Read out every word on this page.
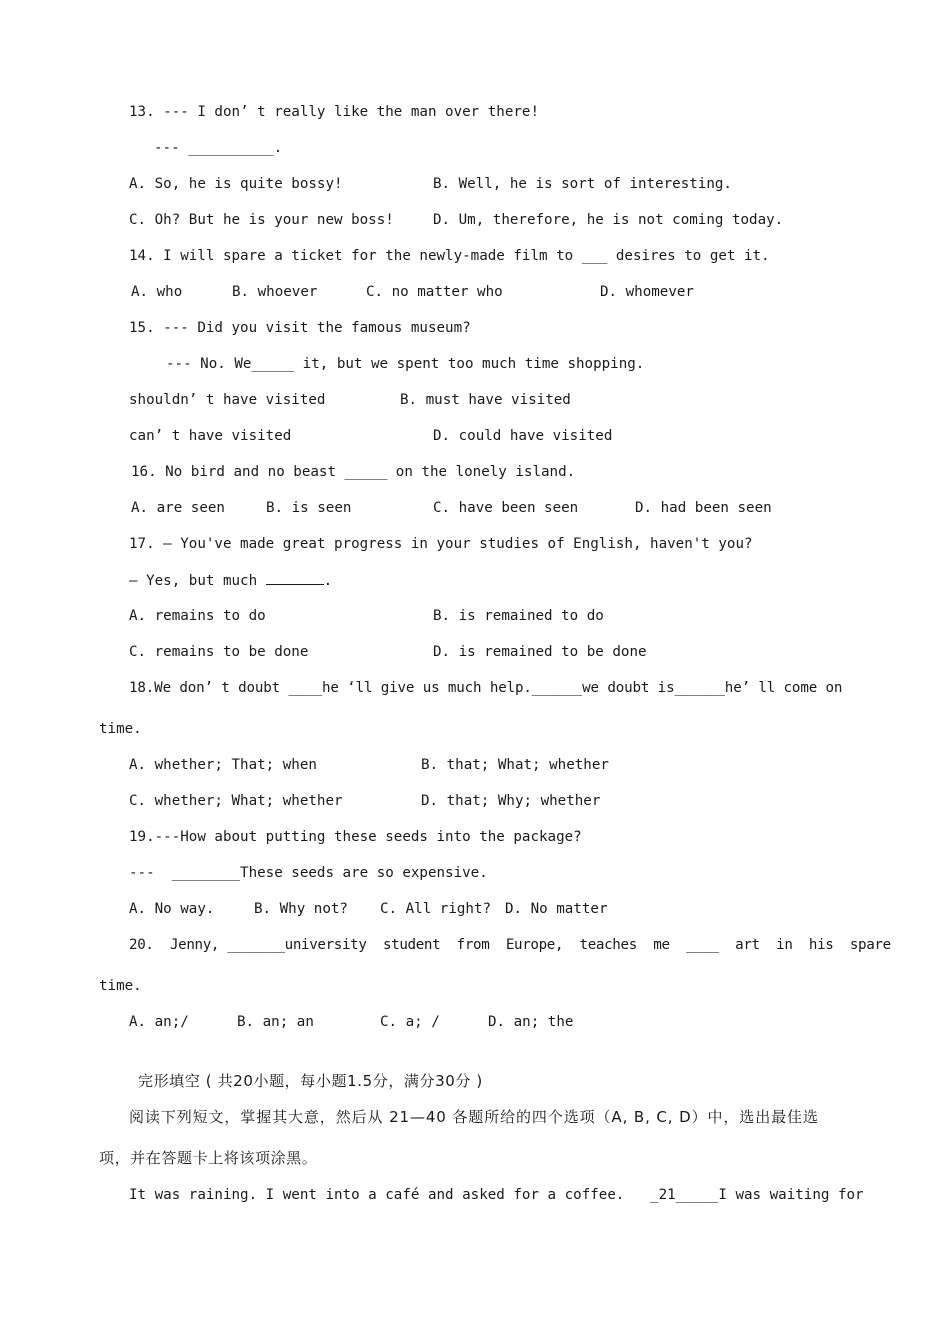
13. --- I don’ t really like the man over there!
--- __________.
A. So, he is quite bossy!	B. Well, he is sort of interesting.
C. Oh? But he is your new boss!	D. Um, therefore, he is not coming today.
14. I will spare a ticket for the newly-made film to ___ desires to get it.
A. who	B. whoever	C. no matter who	D. whomever
15. --- Did you visit the famous museum?
--- No. We_____ it, but we spent too much time shopping.
shouldn’ t have visited	B. must have visited
can’ t have visited	D. could have visited
16. No bird and no beast _____ on the lonely island.
A. are seen	B. is seen	C. have been seen	D. had been seen
17. — You've made great progress in your studies of English, haven't you?
— Yes, but much	.
A. remains to do	B. is remained to do
C. remains to be done	D. is remained to be done
18.We don’ t doubt ____he ‘ll give us much help.______we doubt is______he’ ll come on
time.
A. whether; That; when	B. that; What; whether
C. whether; What; whether	D. that; Why; whether
19.---How about putting these seeds into the package?
---  ________These seeds are so expensive.
A. No way.	B. Why not? C. All right? D. No matter
20.  Jenny, _______university  student  from  Europe,  teaches  me  ____  art  in  his  spare
time.
A. an;/	B. an; an	C. a; /	D. an; the
完形填空 ( 共20小题，每小题1.5分，满分30分 )
阅读下列短文，掌握其大意，然后从 21—40 各题所给的四个选项（A, B, C, D）中，选出最佳选
项，并在答题卡上将该项涂黑。
It was raining. I went into a café and asked for a coffee.   _21_____I was waiting for
